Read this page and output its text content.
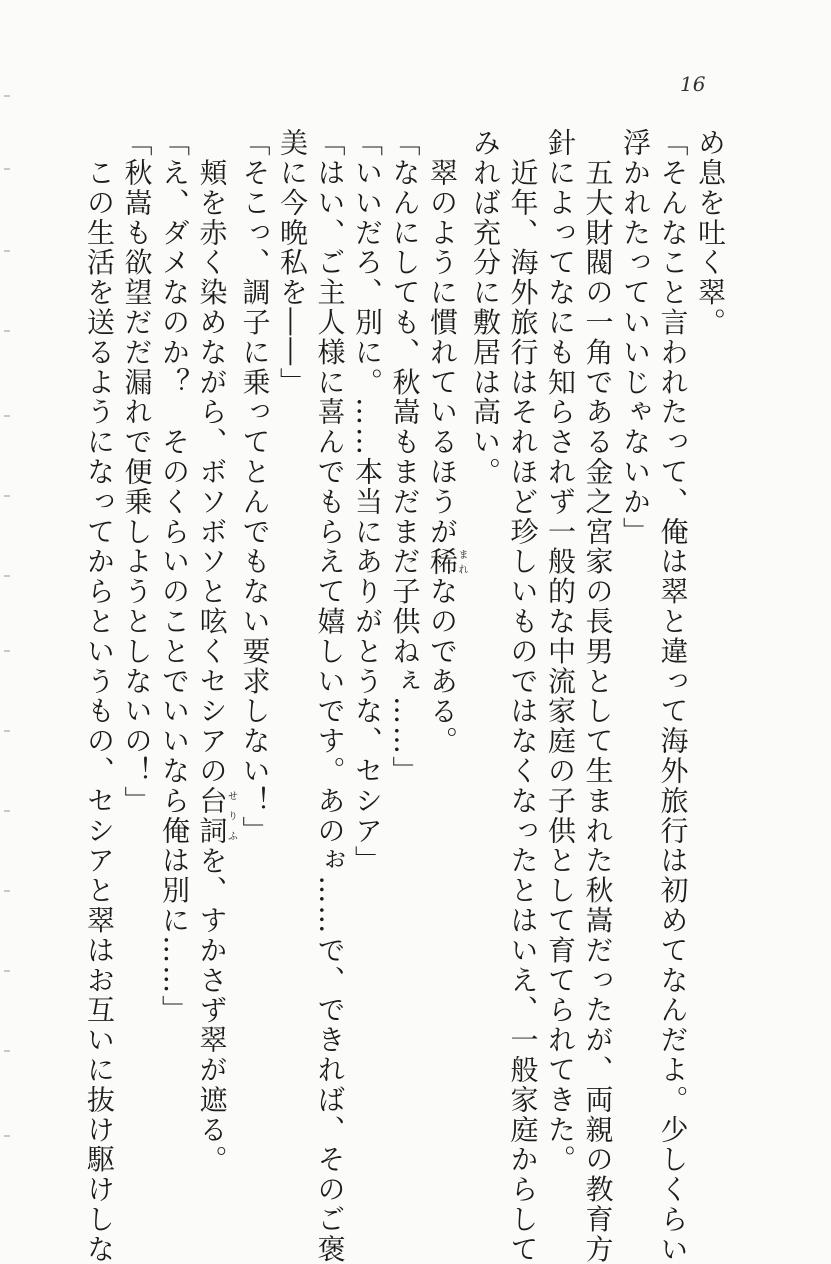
16

め息を吐く翠。

「そんなこと言われたって、俺は翠と違って海外旅行は初めてなんだよ。少しくらい

浮かれたっていいじゃないか」

　五大財閥の一角である金之宮家の長男として生まれた秋嵩だったが、両親の教育方

針によってなにも知らされず一般的な中流家庭の子供として育てられてきた。

　近年、海外旅行はそれほど珍しいものではなくなったとはいえ、一般家庭からして

みれば充分に敷居は高い。

　翠のように慣れているほうが稀まれなのである。

「なんにしても、秋嵩もまだまだ子供ねぇ……」

「いいだろ、別に。……本当にありがとうな、セシア」

「はい、ご主人様に喜んでもらえて嬉しいです。あのぉ……で、できれば、そのご褒

美に今晩私を――」

「そこっ、調子に乗ってとんでもない要求しない！」

　頬を赤く染めながら、ボソボソと呟くセシアの台詞せりふを、すかさず翠が遮る。

「え、ダメなのか？　そのくらいのことでいいなら俺は別に……」

「秋嵩も欲望だだ漏れで便乗しようとしないの！」

　この生活を送るようになってからというもの、セシアと翠はお互いに抜け駆けしな
